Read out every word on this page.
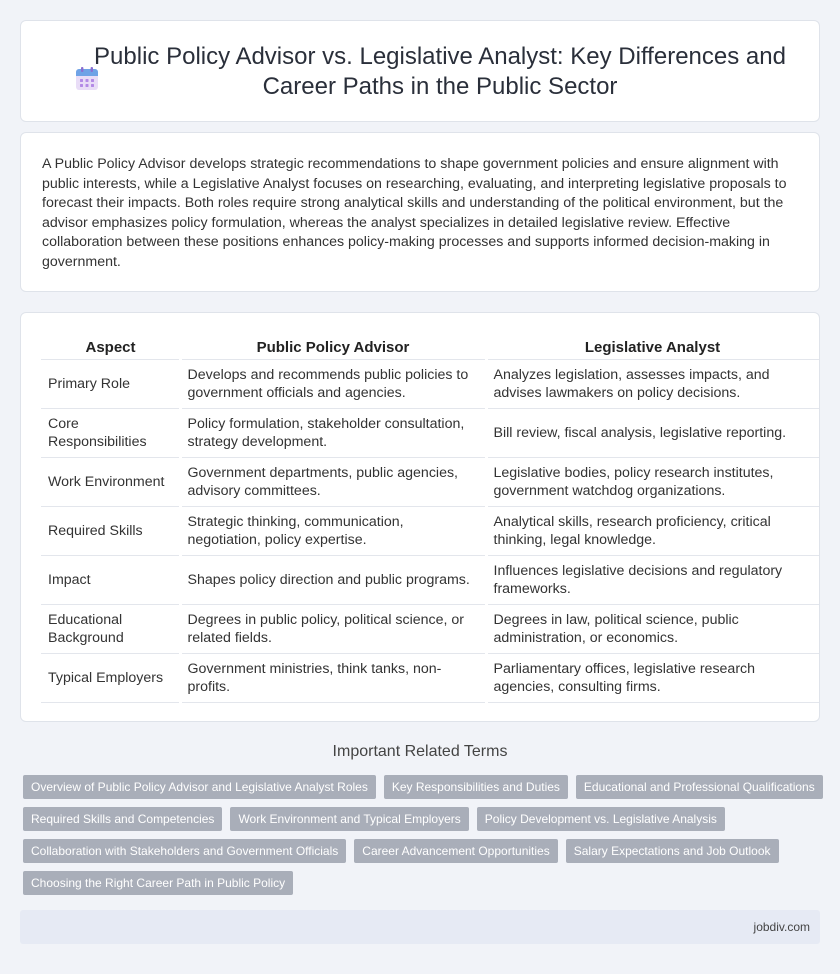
Public Policy Advisor vs. Legislative Analyst: Key Differences and Career Paths in the Public Sector

A Public Policy Advisor develops strategic recommendations to shape government policies and ensure alignment with public interests, while a Legislative Analyst focuses on researching, evaluating, and interpreting legislative proposals to forecast their impacts. Both roles require strong analytical skills and understanding of the political environment, but the advisor emphasizes policy formulation, whereas the analyst specializes in detailed legislative review. Effective collaboration between these positions enhances policy-making processes and supports informed decision-making in government.

Aspect	Public Policy Advisor	Legislative Analyst
Primary Role	Develops and recommends public policies to government officials and agencies.	Analyzes legislation, assesses impacts, and advises lawmakers on policy decisions.
Core Responsibilities	Policy formulation, stakeholder consultation, strategy development.	Bill review, fiscal analysis, legislative reporting.
Work Environment	Government departments, public agencies, advisory committees.	Legislative bodies, policy research institutes, government watchdog organizations.
Required Skills	Strategic thinking, communication, negotiation, policy expertise.	Analytical skills, research proficiency, critical thinking, legal knowledge.
Impact	Shapes policy direction and public programs.	Influences legislative decisions and regulatory frameworks.
Educational Background	Degrees in public policy, political science, or related fields.	Degrees in law, political science, public administration, or economics.
Typical Employers	Government ministries, think tanks, non-profits.	Parliamentary offices, legislative research agencies, consulting firms.
Important Related Terms
Overview of Public Policy Advisor and Legislative Analyst Roles	Key Responsibilities and Duties	Educational and Professional Qualifications
Required Skills and Competencies	Work Environment and Typical Employers	Policy Development vs. Legislative Analysis
Collaboration with Stakeholders and Government Officials	Career Advancement Opportunities	Salary Expectations and Job Outlook
Choosing the Right Career Path in Public Policy
jobdiv.com
